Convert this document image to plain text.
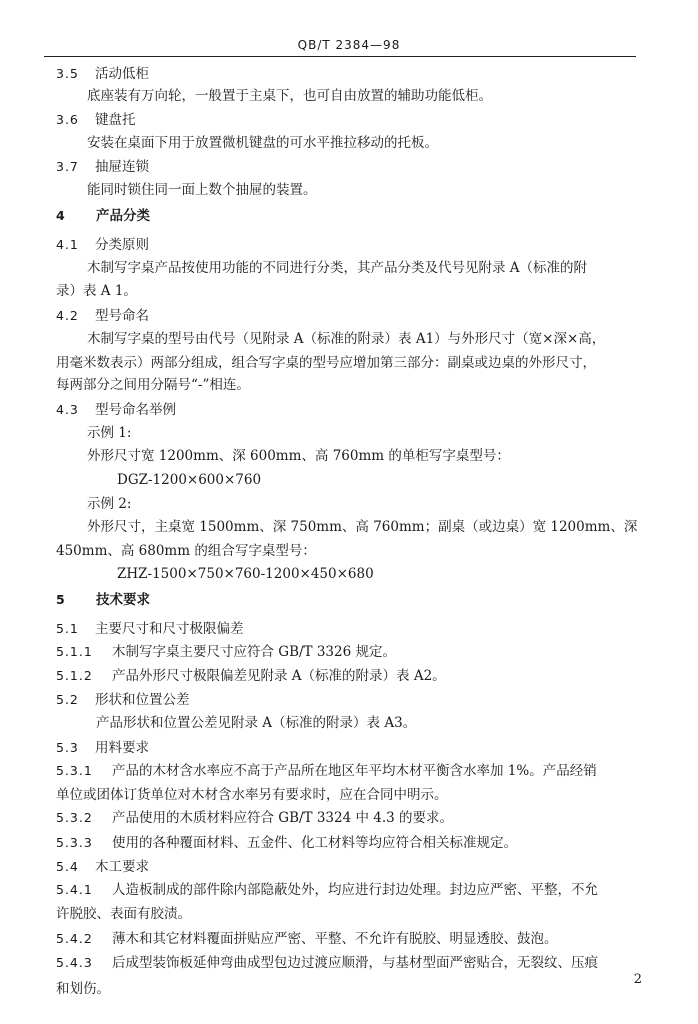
QB/T 2384—98
3.5 活动低柜
底座装有万向轮，一般置于主桌下，也可自由放置的辅助功能低柜。
3.6 键盘托
安装在桌面下用于放置微机键盘的可水平推拉移动的托板。
3.7 抽屉连锁
能同时锁住同一面上数个抽屉的装置。
4 产品分类
4.1 分类原则
木制写字桌产品按使用功能的不同进行分类，其产品分类及代号见附录 A（标准的附
录）表 A 1。
4.2 型号命名
木制写字桌的型号由代号（见附录 A（标准的附录）表 A1）与外形尺寸（宽×深×高，
用毫米数表示）两部分组成，组合写字桌的型号应增加第三部分：副桌或边桌的外形尺寸，
每两部分之间用分隔号“-”相连。
4.3 型号命名举例
示例 1:
外形尺寸宽 1200mm、深 600mm、高 760mm 的单柜写字桌型号：
DGZ-1200×600×760
示例 2:
外形尺寸，主桌宽 1500mm、深 750mm、高 760mm；副桌（或边桌）宽 1200mm、深
450mm、高 680mm 的组合写字桌型号：
ZHZ-1500×750×760-1200×450×680
5 技术要求
5.1 主要尺寸和尺寸极限偏差
5.1.1 木制写字桌主要尺寸应符合 GB/T 3326 规定。
5.1.2 产品外形尺寸极限偏差见附录 A（标准的附录）表 A2。
5.2 形状和位置公差
产品形状和位置公差见附录 A（标准的附录）表 A3。
5.3 用料要求
5.3.1 产品的木材含水率应不高于产品所在地区年平均木材平衡含水率加 1%。产品经销
单位或团体订货单位对木材含水率另有要求时，应在合同中明示。
5.3.2 产品使用的木质材料应符合 GB/T 3324 中 4.3 的要求。
5.3.3 使用的各种覆面材料、五金件、化工材料等均应符合相关标准规定。
5.4 木工要求
5.4.1 人造板制成的部件除内部隐蔽处外，均应进行封边处理。封边应严密、平整，不允
许脱胶、表面有胶渍。
5.4.2 薄木和其它材料覆面拼贴应严密、平整、不允许有脱胶、明显透胶、鼓泡。
5.4.3 后成型装饰板延伸弯曲成型包边过渡应顺滑，与基材型面严密贴合，无裂纹、压痕
和划伤。
2
